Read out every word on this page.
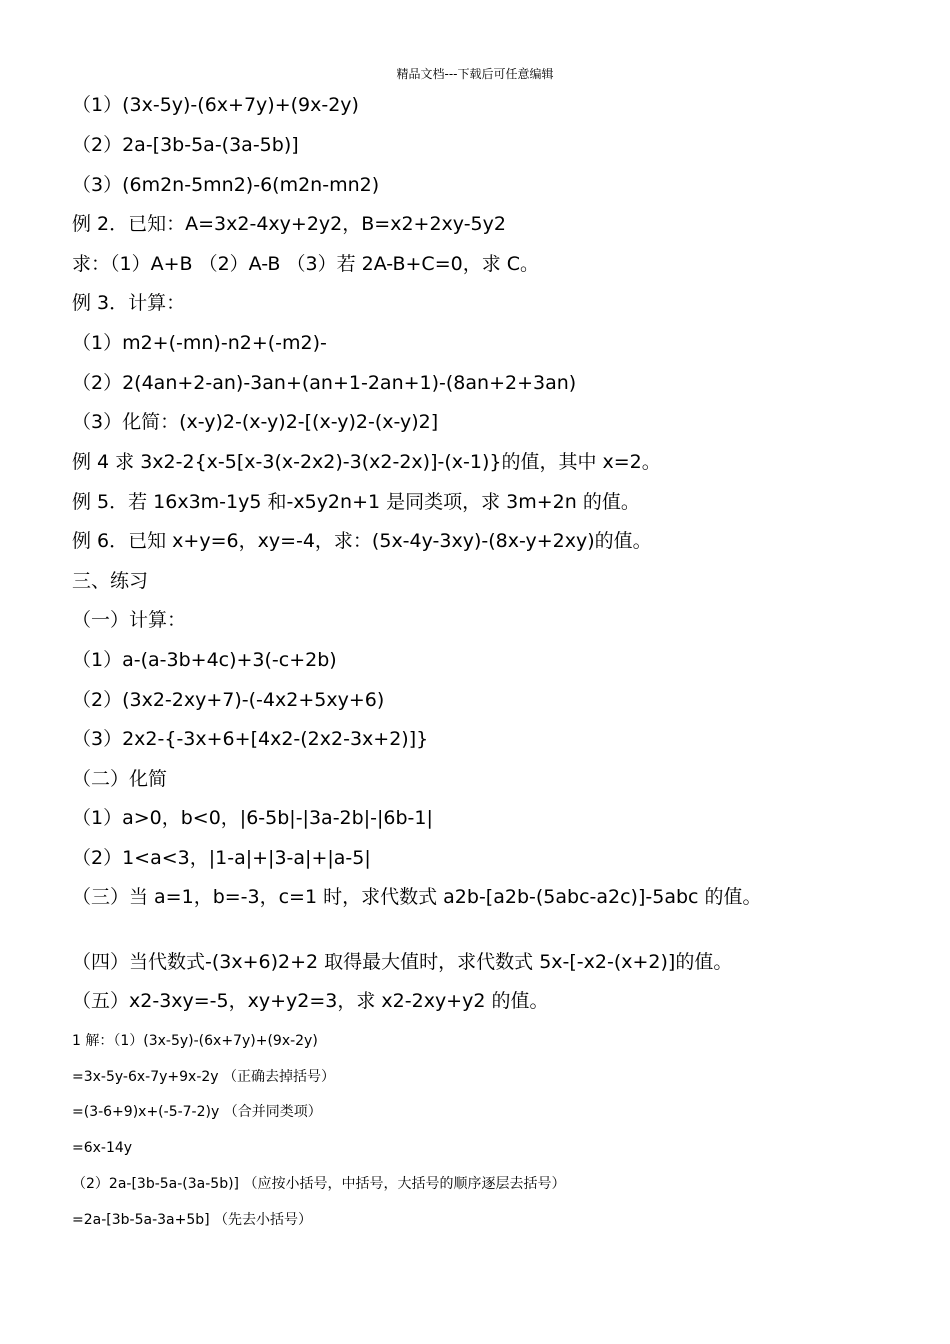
精品文档---下载后可任意编辑
（1）(3x-5y)-(6x+7y)+(9x-2y)
（2）2a-[3b-5a-(3a-5b)]
（3）(6m2n-5mn2)-6(m2n-mn2)
例 2．已知：A=3x2-4xy+2y2，B=x2+2xy-5y2
求：（1）A+B （2）A-B （3）若 2A-B+C=0，求 C。
例 3．计算：
（1）m2+(-mn)-n2+(-m2)-
（2）2(4an+2-an)-3an+(an+1-2an+1)-(8an+2+3an)
（3）化简：(x-y)2-(x-y)2-[(x-y)2-(x-y)2]
例 4 求 3x2-2{x-5[x-3(x-2x2)-3(x2-2x)]-(x-1)}的值，其中 x=2。
例 5．若 16x3m-1y5 和-x5y2n+1 是同类项，求 3m+2n 的值。
例 6．已知 x+y=6，xy=-4，求：(5x-4y-3xy)-(8x-y+2xy)的值。
三、练习
（一）计算：
（1）a-(a-3b+4c)+3(-c+2b)
（2）(3x2-2xy+7)-(-4x2+5xy+6)
（3）2x2-{-3x+6+[4x2-(2x2-3x+2)]}
（二）化简
（1）a>0，b<0，|6-5b|-|3a-2b|-|6b-1|
（2）1<a<3，|1-a|+|3-a|+|a-5|
（三）当 a=1，b=-3，c=1 时，求代数式 a2b-[a2b-(5abc-a2c)]-5abc 的值。
（四）当代数式-(3x+6)2+2 取得最大值时，求代数式 5x-[-x2-(x+2)]的值。
（五）x2-3xy=-5，xy+y2=3，求 x2-2xy+y2 的值。
1 解：（1）(3x-5y)-(6x+7y)+(9x-2y)
=3x-5y-6x-7y+9x-2y （正确去掉括号）
=(3-6+9)x+(-5-7-2)y （合并同类项）
=6x-14y
（2）2a-[3b-5a-(3a-5b)] （应按小括号，中括号，大括号的顺序逐层去括号）
=2a-[3b-5a-3a+5b] （先去小括号）
